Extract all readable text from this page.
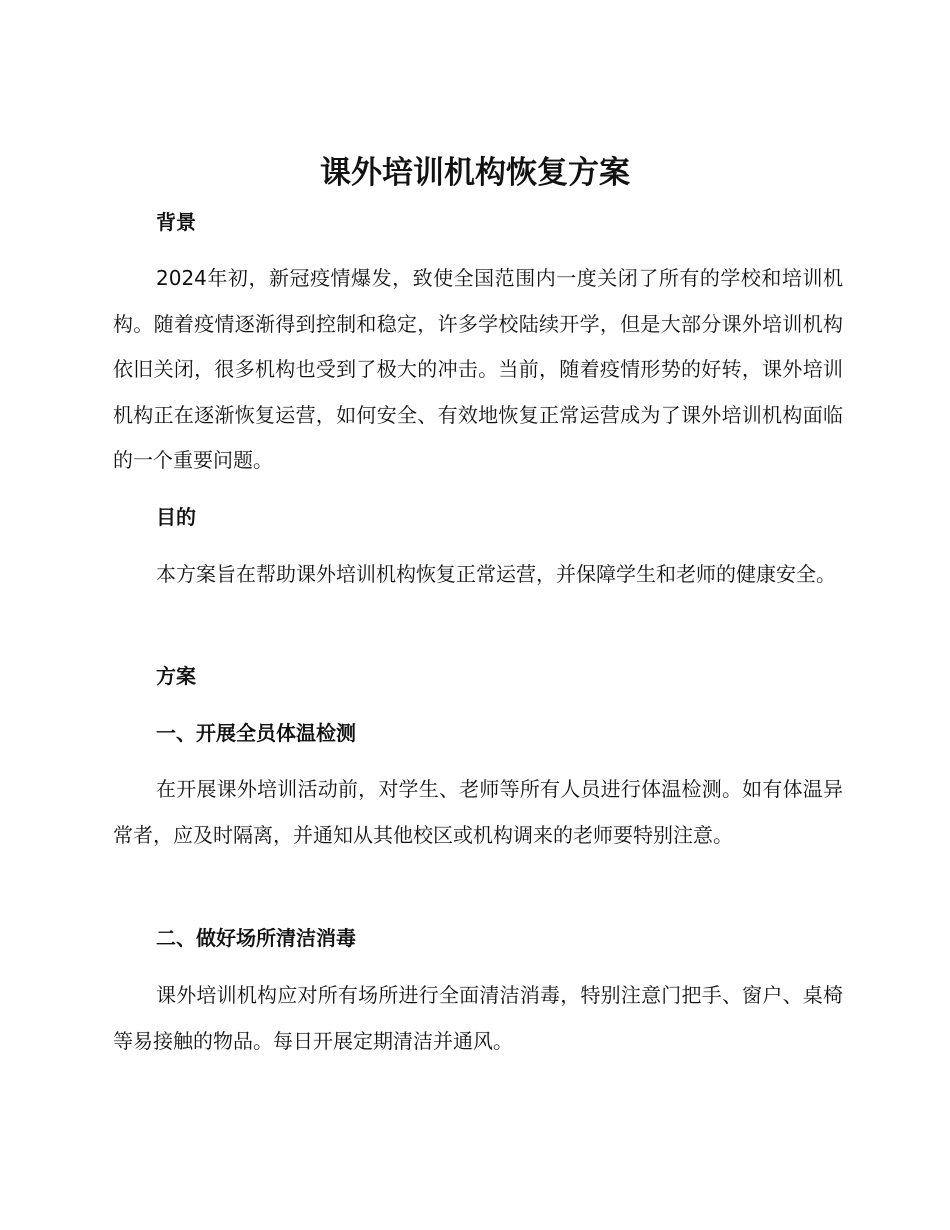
课外培训机构恢复方案
背景
2024年初，新冠疫情爆发，致使全国范围内一度关闭了所有的学校和培训机构。随着疫情逐渐得到控制和稳定，许多学校陆续开学，但是大部分课外培训机构依旧关闭，很多机构也受到了极大的冲击。当前，随着疫情形势的好转，课外培训机构正在逐渐恢复运营，如何安全、有效地恢复正常运营成为了课外培训机构面临的一个重要问题。
目的
本方案旨在帮助课外培训机构恢复正常运营，并保障学生和老师的健康安全。
方案
一、开展全员体温检测
在开展课外培训活动前，对学生、老师等所有人员进行体温检测。如有体温异常者，应及时隔离，并通知从其他校区或机构调来的老师要特别注意。
二、做好场所清洁消毒
课外培训机构应对所有场所进行全面清洁消毒，特别注意门把手、窗户、桌椅等易接触的物品。每日开展定期清洁并通风。
